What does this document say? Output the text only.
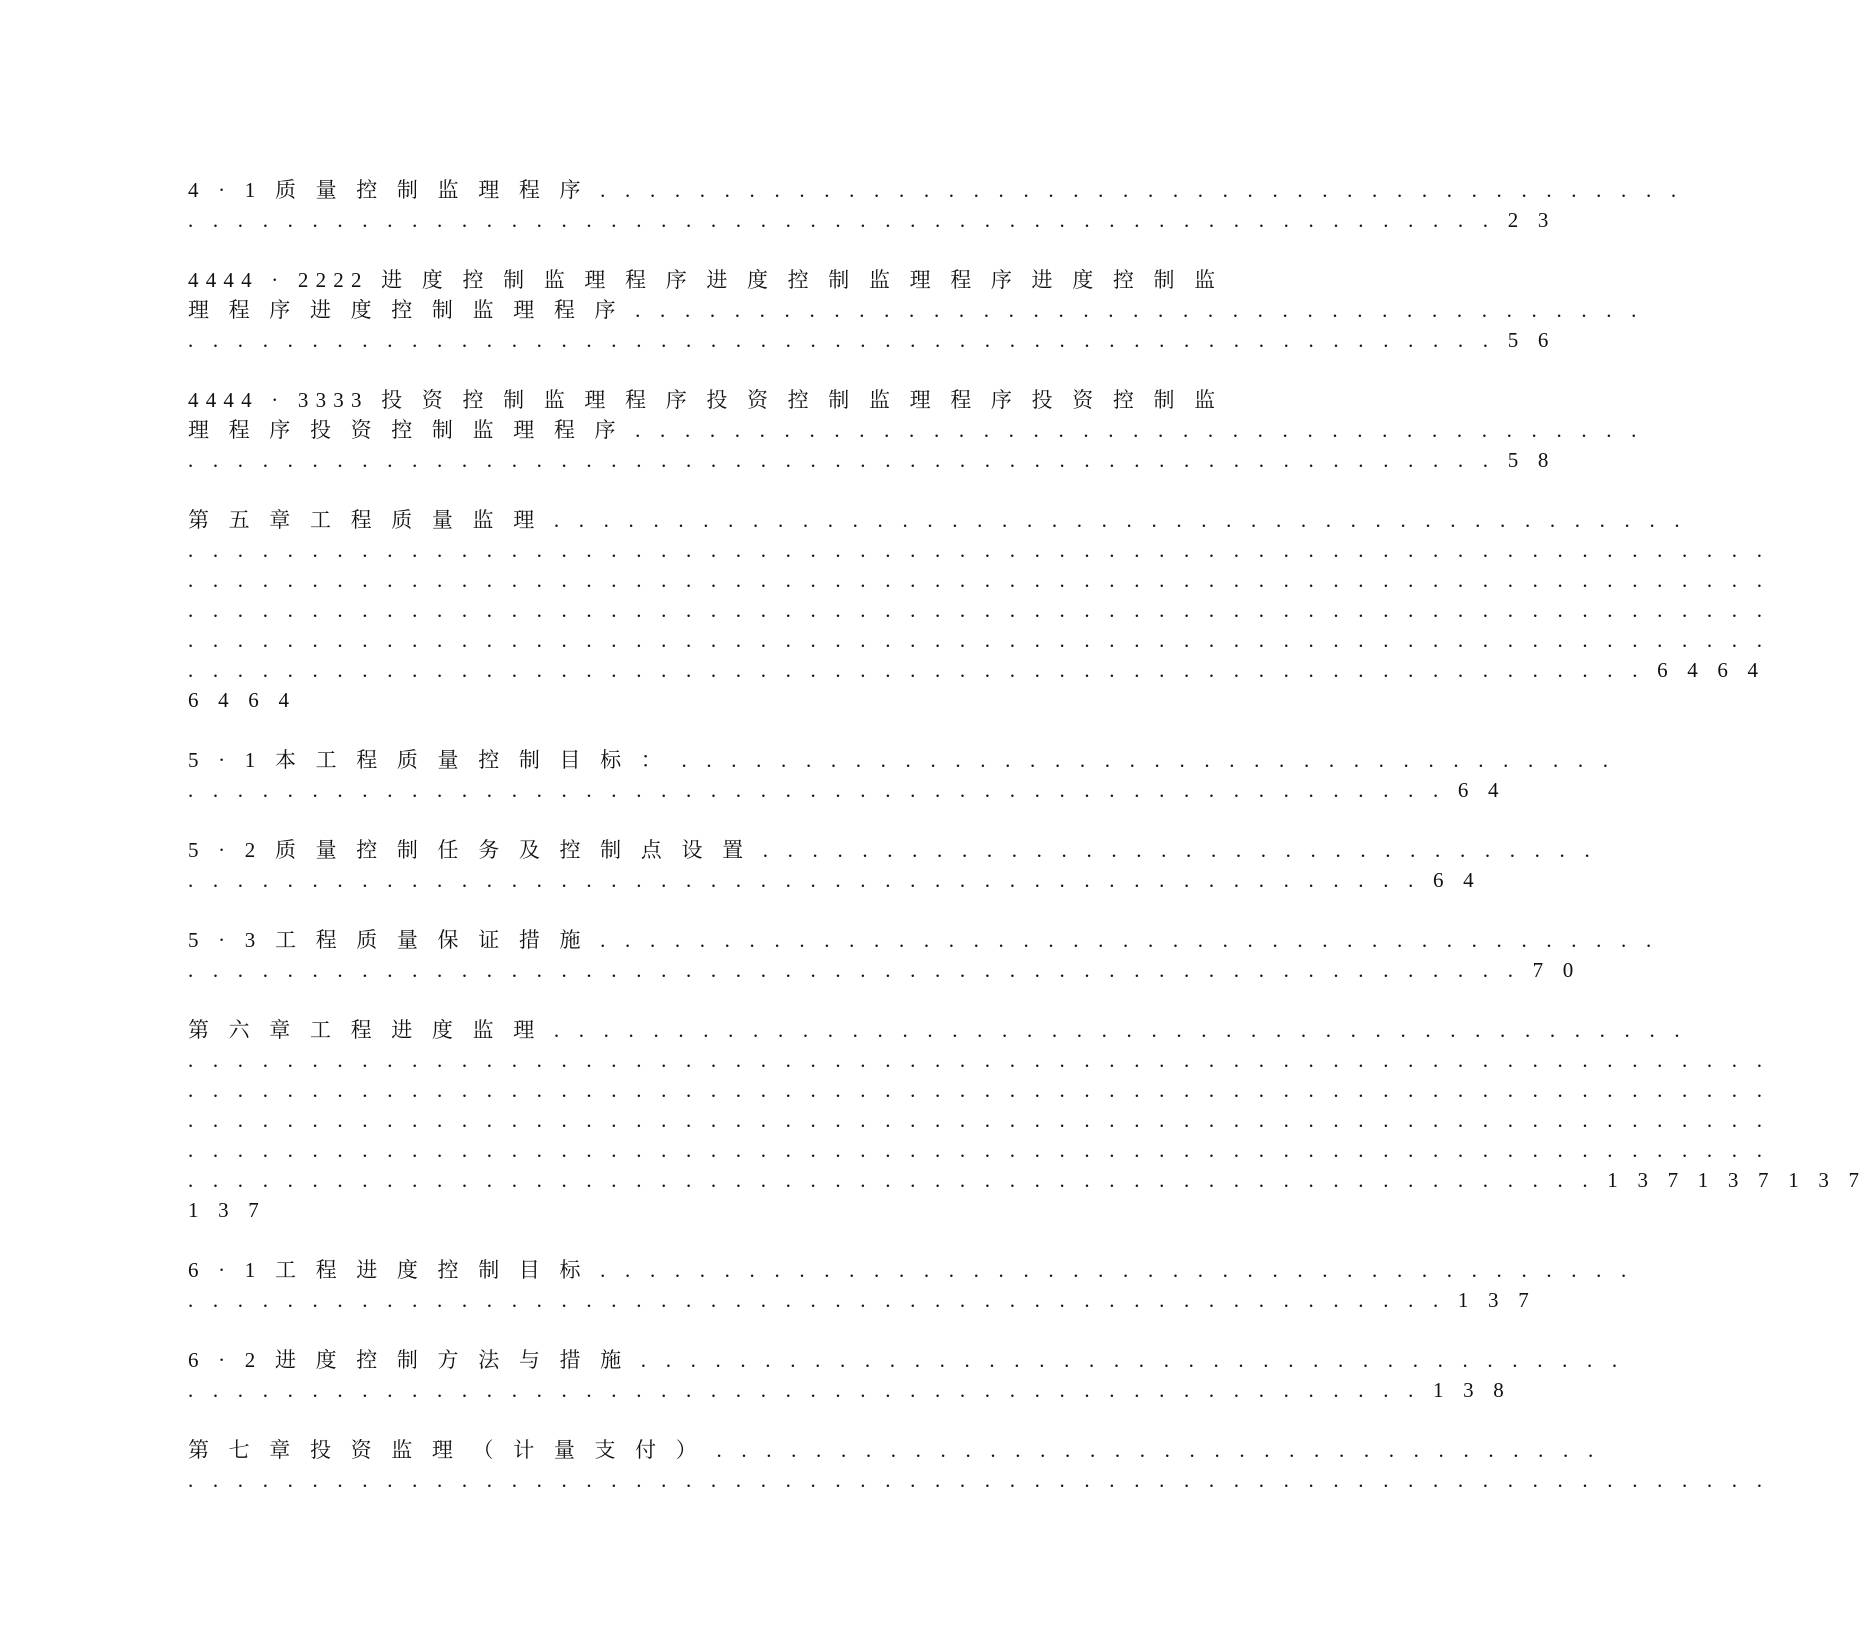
4 · 1 质 量 控 制 监 理 程 序 . . . . . . . . . . . . . . . . . . . . . . . . . . . . . . . . . . . . . . . . . . . .
. . . . . . . . . . . . . . . . . . . . . . . . . . . . . . . . . . . . . . . . . . . . . . . . . . . . . 2 3
4444 · 2222 进 度 控 制 监 理 程 序 进 度 控 制 监 理 程 序 进 度 控 制 监
理 程 序 进 度 控 制 监 理 程 序 . . . . . . . . . . . . . . . . . . . . . . . . . . . . . . . . . . . . . . . . .
. . . . . . . . . . . . . . . . . . . . . . . . . . . . . . . . . . . . . . . . . . . . . . . . . . . . . 5 6
4444 · 3333 投 资 控 制 监 理 程 序 投 资 控 制 监 理 程 序 投 资 控 制 监
理 程 序 投 资 控 制 监 理 程 序 . . . . . . . . . . . . . . . . . . . . . . . . . . . . . . . . . . . . . . . . .
. . . . . . . . . . . . . . . . . . . . . . . . . . . . . . . . . . . . . . . . . . . . . . . . . . . . . 5 8
第 五 章 工 程 质 量 监 理 . . . . . . . . . . . . . . . . . . . . . . . . . . . . . . . . . . . . . . . . . . . . . .
. . . . . . . . . . . . . . . . . . . . . . . . . . . . . . . . . . . . . . . . . . . . . . . . . . . . . . . . . . . . . . . .
. . . . . . . . . . . . . . . . . . . . . . . . . . . . . . . . . . . . . . . . . . . . . . . . . . . . . . . . . . . . . . . .
. . . . . . . . . . . . . . . . . . . . . . . . . . . . . . . . . . . . . . . . . . . . . . . . . . . . . . . . . . . . . . . .
. . . . . . . . . . . . . . . . . . . . . . . . . . . . . . . . . . . . . . . . . . . . . . . . . . . . . . . . . . . . . . . .
. . . . . . . . . . . . . . . . . . . . . . . . . . . . . . . . . . . . . . . . . . . . . . . . . . . . . . . . . . . 6 4 6 4
6 4 6 4
5 · 1 本 工 程 质 量 控 制 目 标 ： . . . . . . . . . . . . . . . . . . . . . . . . . . . . . . . . . . . . . .
. . . . . . . . . . . . . . . . . . . . . . . . . . . . . . . . . . . . . . . . . . . . . . . . . . . 6 4
5 · 2 质 量 控 制 任 务 及 控 制 点 设 置 . . . . . . . . . . . . . . . . . . . . . . . . . . . . . . . . . .
. . . . . . . . . . . . . . . . . . . . . . . . . . . . . . . . . . . . . . . . . . . . . . . . . . 6 4
5 · 3 工 程 质 量 保 证 措 施 . . . . . . . . . . . . . . . . . . . . . . . . . . . . . . . . . . . . . . . . . . .
. . . . . . . . . . . . . . . . . . . . . . . . . . . . . . . . . . . . . . . . . . . . . . . . . . . . . . 7 0
第 六 章 工 程 进 度 监 理 . . . . . . . . . . . . . . . . . . . . . . . . . . . . . . . . . . . . . . . . . . . . . .
. . . . . . . . . . . . . . . . . . . . . . . . . . . . . . . . . . . . . . . . . . . . . . . . . . . . . . . . . . . . . . . .
. . . . . . . . . . . . . . . . . . . . . . . . . . . . . . . . . . . . . . . . . . . . . . . . . . . . . . . . . . . . . . . .
. . . . . . . . . . . . . . . . . . . . . . . . . . . . . . . . . . . . . . . . . . . . . . . . . . . . . . . . . . . . . . . .
. . . . . . . . . . . . . . . . . . . . . . . . . . . . . . . . . . . . . . . . . . . . . . . . . . . . . . . . . . . . . . . .
. . . . . . . . . . . . . . . . . . . . . . . . . . . . . . . . . . . . . . . . . . . . . . . . . . . . . . . . . 1 3 7 1 3 7 1 3 7
1 3 7
6 · 1 工 程 进 度 控 制 目 标 . . . . . . . . . . . . . . . . . . . . . . . . . . . . . . . . . . . . . . . . . .
. . . . . . . . . . . . . . . . . . . . . . . . . . . . . . . . . . . . . . . . . . . . . . . . . . . 1 3 7
6 · 2 进 度 控 制 方 法 与 措 施 . . . . . . . . . . . . . . . . . . . . . . . . . . . . . . . . . . . . . . . .
. . . . . . . . . . . . . . . . . . . . . . . . . . . . . . . . . . . . . . . . . . . . . . . . . . 1 3 8
第 七 章 投 资 监 理 （ 计 量 支 付 ） . . . . . . . . . . . . . . . . . . . . . . . . . . . . . . . . . . . .
. . . . . . . . . . . . . . . . . . . . . . . . . . . . . . . . . . . . . . . . . . . . . . . . . . . . . . . . . . . . . . . .
